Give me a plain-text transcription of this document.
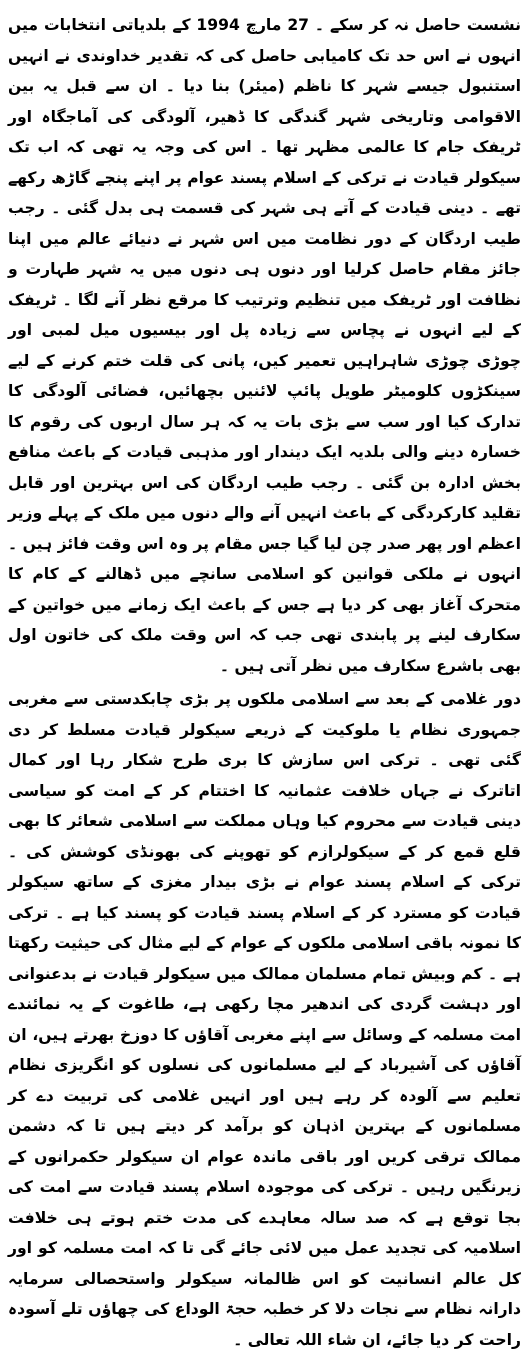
نشست حاصل نہ کر سکے ۔ 27 مارچ 1994 کے بلدیاتی انتخابات میں انہوں نے اس حد تک کامیابی حاصل کی کہ تقدیر خداوندی نے انہیں استنبول جیسے شہر کا ناظم (میئر) بنا دیا ۔ ان سے قبل یہ بین الاقوامی وتاریخی شہر گندگی کا ڈھیر، آلودگی کی آماجگاہ اور ٹریفک جام کا عالمی مظہر تھا ۔ اس کی وجہ یہ تھی کہ اب تک سیکولر قیادت نے ترکی کے اسلام پسند عوام پر اپنے پنجے گاڑھ رکھے تھے ۔ دینی قیادت کے آتے ہی شہر کی قسمت ہی بدل گئی ۔ رجب طیب اردگان کے دور نظامت میں اس شہر نے دنیائے عالم میں اپنا جائز مقام حاصل کرلیا اور دنوں ہی دنوں میں یہ شہر طہارت و نظافت اور ٹریفک میں تنظیم وترتیب کا مرقع نظر آنے لگا ۔ ٹریفک کے لیے انہوں نے پچاس سے زیادہ پل اور بیسیوں میل لمبی اور چوڑی چوڑی شاہراہیں تعمیر کیں، پانی کی قلت ختم کرنے کے لیے سینکڑوں کلومیٹر طویل پائپ لائنیں بچھائیں، فضائی آلودگی کا تدارک کیا اور سب سے بڑی بات یہ کہ ہر سال اربوں کی رقوم کا خسارہ دینے والی بلدیہ ایک دیندار اور مذہبی قیادت کے باعث منافع بخش ادارہ بن گئی ۔ رجب طیب اردگان کی اس بہترین اور قابل تقلید کارکردگی کے باعث انہیں آنے والے دنوں میں ملک کے پہلے وزیر اعظم اور پھر صدر چن لیا گیا جس مقام پر وہ اس وقت فائز ہیں ۔ انہوں نے ملکی قوانین کو اسلامی سانچے میں ڈھالنے کے کام کا متحرک آغاز بھی کر دیا ہے جس کے باعث ایک زمانے میں خواتین کے سکارف لینے پر پابندی تھی جب کہ اس وقت ملک کی خاتون اول بھی باشرع سکارف میں نظر آتی ہیں ۔

دور غلامی کے بعد سے اسلامی ملکوں پر بڑی چابکدستی سے مغربی جمہوری نظام یا ملوکیت کے ذریعے سیکولر قیادت مسلط کر دی گئی تھی ۔ ترکی اس سازش کا بری طرح شکار رہا اور کمال اتاترک نے جہاں خلافت عثمانیہ کا اختتام کر کے امت کو سیاسی دینی قیادت سے محروم کیا وہاں مملکت سے اسلامی شعائر کا بھی قلع قمع کر کے سیکولرازم کو تھوپنے کی بھونڈی کوشش کی ۔ ترکی کے اسلام پسند عوام نے بڑی بیدار مغزی کے ساتھ سیکولر قیادت کو مسترد کر کے اسلام پسند قیادت کو پسند کیا ہے ۔ ترکی کا نمونہ باقی اسلامی ملکوں کے عوام کے لیے مثال کی حیثیت رکھتا ہے ۔ کم وبیش تمام مسلمان ممالک میں سیکولر قیادت نے بدعنوانی اور دہشت گردی کی اندھیر مچا رکھی ہے، طاغوت کے یہ نمائندے امت مسلمہ کے وسائل سے اپنے مغربی آقاؤں کا دوزخ بھرتے ہیں، ان آقاؤں کی آشیرباد کے لیے مسلمانوں کی نسلوں کو انگریزی نظام تعلیم سے آلودہ کر رہے ہیں اور انہیں غلامی کی تربیت دے کر مسلمانوں کے بہترین اذہان کو برآمد کر دیتے ہیں تا کہ دشمن ممالک ترقی کریں اور باقی ماندہ عوام ان سیکولر حکمرانوں کے زیرنگیں رہیں ۔ ترکی کی موجودہ اسلام پسند قیادت سے امت کی بجا توقع ہے کہ صد سالہ معاہدے کی مدت ختم ہوتے ہی خلافت اسلامیہ کی تجدید عمل میں لائی جائے گی تا کہ امت مسلمہ کو اور کل عالم انسانیت کو اس ظالمانہ سیکولر واستحصالی سرمایہ دارانہ نظام سے نجات دلا کر خطبہ حجۃ الوداع کی چھاؤں تلے آسودہ راحت کر دیا جائے، ان شاء اللہ تعالی ۔
